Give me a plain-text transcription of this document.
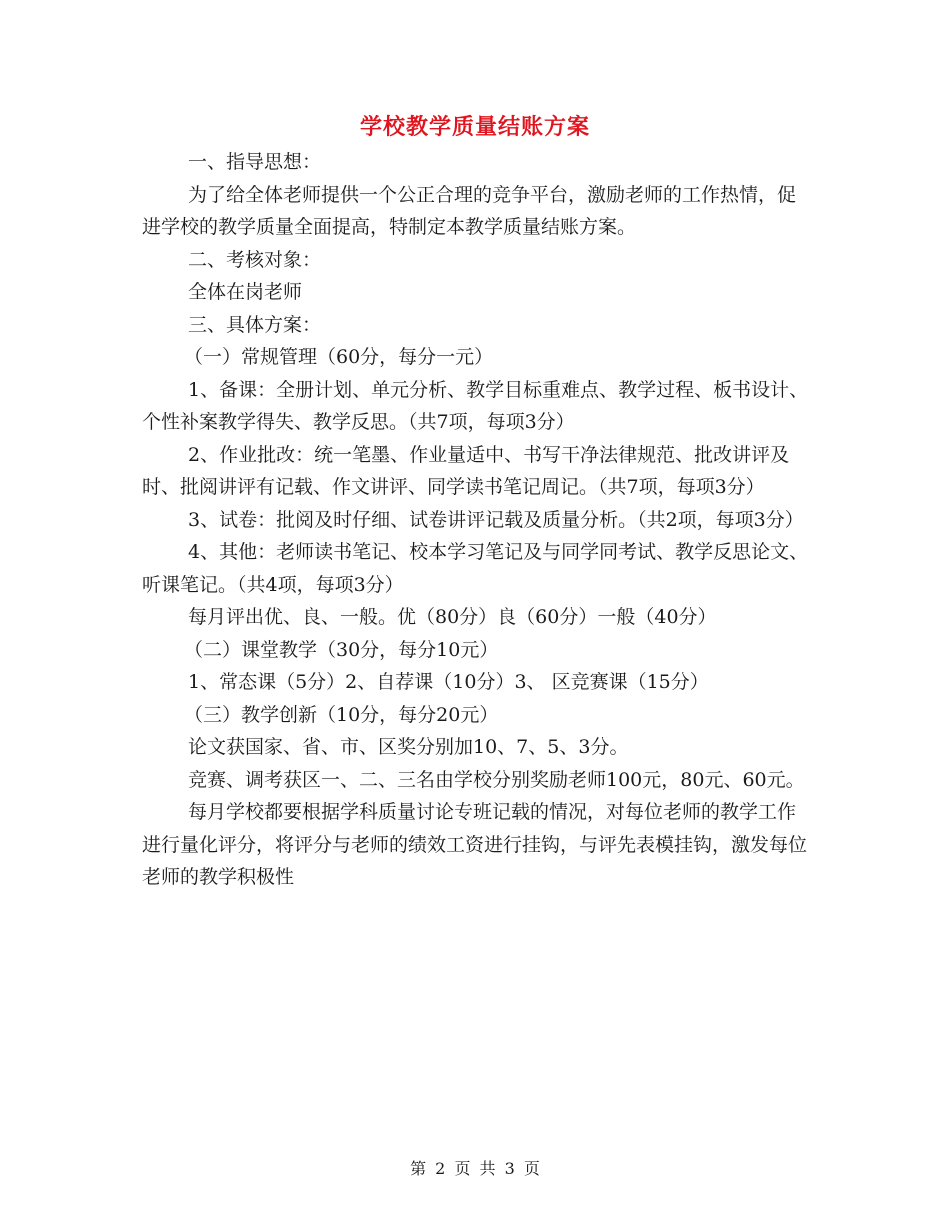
学校教学质量结账方案

一、指导思想：

为了给全体老师提供一个公正合理的竞争平台，激励老师的工作热情，促进学校的教学质量全面提高，特制定本教学质量结账方案。

二、考核对象：

全体在岗老师

三、具体方案：

（一）常规管理（60分，每分一元）

1、备课：全册计划、单元分析、教学目标重难点、教学过程、板书设计、个性补案教学得失、教学反思。（共7项，每项3分）

2、作业批改：统一笔墨、作业量适中、书写干净法律规范、批改讲评及时、批阅讲评有记载、作文讲评、同学读书笔记周记。（共7项，每项3分）

3、试卷：批阅及时仔细、试卷讲评记载及质量分析。（共2项，每项3分）

4、其他：老师读书笔记、校本学习笔记及与同学同考试、教学反思论文、听课笔记。（共4项，每项3分）

每月评出优、良、一般。优（80分）良（60分）一般（40分）

（二）课堂教学（30分，每分10元）

1、常态课（5分）2、自荐课（10分）3、 区竞赛课（15分）

（三）教学创新（10分，每分20元）

论文获国家、省、市、区奖分别加10、7、5、3分。

竞赛、调考获区一、二、三名由学校分别奖励老师100元，80元、60元。

每月学校都要根据学科质量讨论专班记载的情况，对每位老师的教学工作进行量化评分，将评分与老师的绩效工资进行挂钩，与评先表模挂钩，激发每位老师的教学积极性

第 2 页 共 3 页
